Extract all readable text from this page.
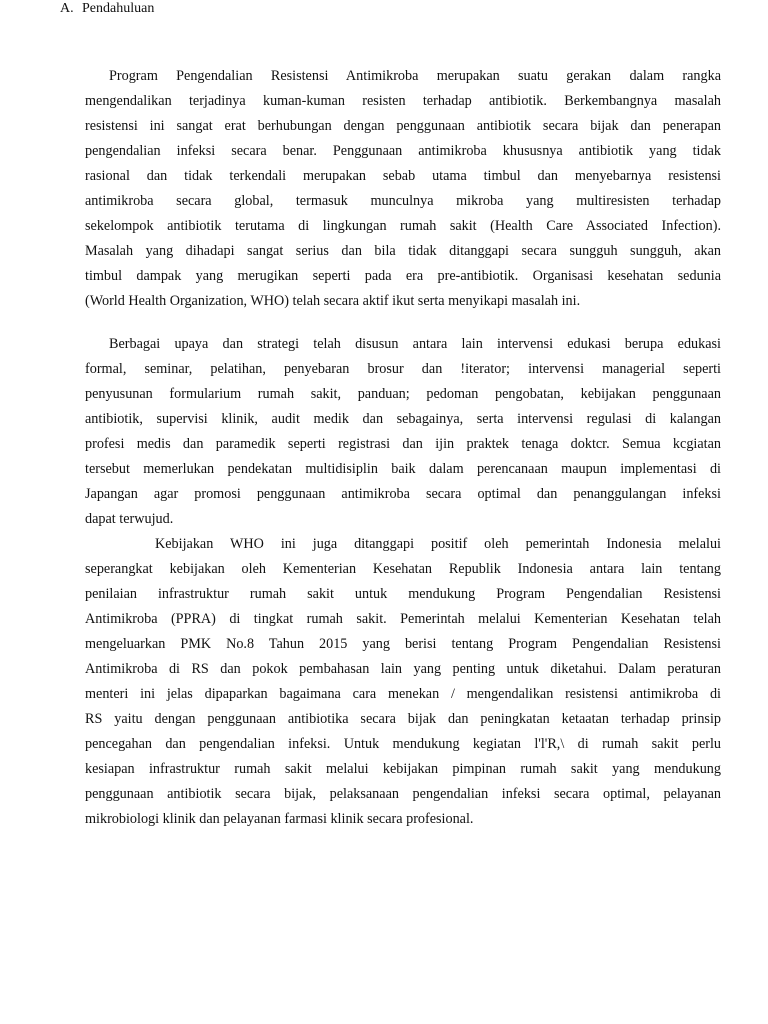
A. Pendahuluan
Program Pengendalian Resistensi Antimikroba merupakan suatu gerakan dalam rangka
mengendalikan terjadinya kuman-kuman resisten terhadap antibiotik. Berkembangnya masalah
resistensi ini sangat erat berhubungan dengan penggunaan antibiotik secara bijak dan penerapan
pengendalian infeksi secara benar. Penggunaan antimikroba khususnya antibiotik yang tidak
rasional dan tidak terkendali merupakan sebab utama timbul dan menyebarnya resistensi
antimikroba secara global, termasuk munculnya mikroba yang multiresisten terhadap
sekelompok antibiotik terutama di lingkungan rumah sakit (Health Care Associated Infection).
Masalah yang dihadapi sangat serius dan bila tidak ditanggapi secara sungguh sungguh, akan
timbul dampak yang merugikan seperti pada era pre-antibiotik. Organisasi kesehatan sedunia
(World Health Organization, WHO) telah secara aktif ikut serta menyikapi masalah ini.
Berbagai upaya dan strategi telah disusun antara lain intervensi edukasi berupa edukasi
formal, seminar, pelatihan, penyebaran brosur dan !iterator; intervensi managerial seperti
penyusunan formularium rumah sakit, panduan; pedoman pengobatan, kebijakan penggunaan
antibiotik, supervisi klinik, audit medik dan sebagainya, serta intervensi regulasi di kalangan
profesi medis dan paramedik seperti registrasi dan ijin praktek tenaga doktcr. Semua kcgiatan
tersebut memerlukan pendekatan multidisiplin baik dalam perencanaan maupun implementasi di
Japangan agar promosi penggunaan antimikroba secara optimal dan penanggulangan infeksi
dapat terwujud.
Kebijakan WHO ini juga ditanggapi positif oleh pemerintah Indonesia melalui
seperangkat kebijakan oleh Kementerian Kesehatan Republik Indonesia antara lain tentang
penilaian infrastruktur rumah sakit untuk mendukung Program Pengendalian Resistensi
Antimikroba (PPRA) di tingkat rumah sakit. Pemerintah melalui Kementerian Kesehatan telah
mengeluarkan PMK No.8 Tahun 2015 yang berisi tentang Program Pengendalian Resistensi
Antimikroba di RS dan pokok pembahasan lain yang penting untuk diketahui. Dalam peraturan
menteri ini jelas dipaparkan bagaimana cara menekan / mengendalikan resistensi antimikroba di
RS yaitu dengan penggunaan antibiotika secara bijak dan peningkatan ketaatan terhadap prinsip
pencegahan dan pengendalian infeksi. Untuk mendukung kegiatan l'l'R,\ di rumah sakit perlu
kesiapan infrastruktur rumah sakit melalui kebijakan pimpinan rumah sakit yang mendukung
penggunaan antibiotik secara bijak, pelaksanaan pengendalian infeksi secara optimal, pelayanan
mikrobiologi klinik dan pelayanan farmasi klinik secara profesional.
